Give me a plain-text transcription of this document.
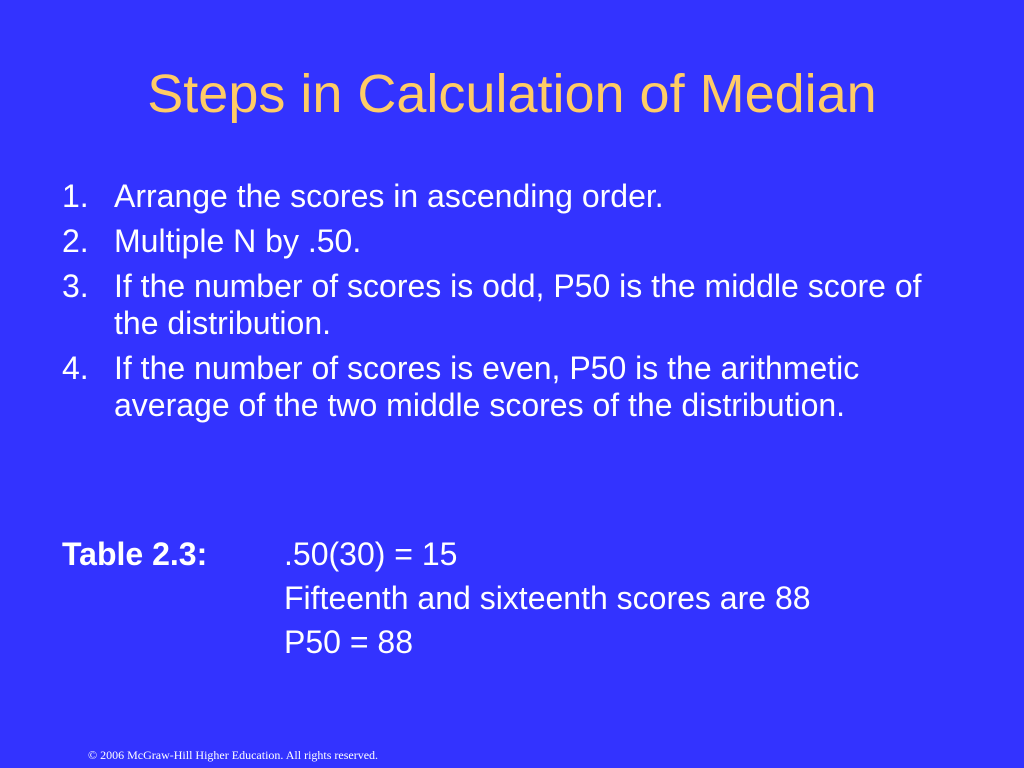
Steps in Calculation of Median
1. Arrange the scores in ascending order.
2. Multiple N by .50.
3. If the number of scores is odd, P50 is the middle score of the distribution.
4. If the number of scores is even, P50 is the arithmetic average of the two middle scores of the distribution.
Table 2.3: .50(30) = 15
Fifteenth and sixteenth scores are 88
P50 = 88
© 2006 McGraw-Hill Higher Education. All rights reserved.
